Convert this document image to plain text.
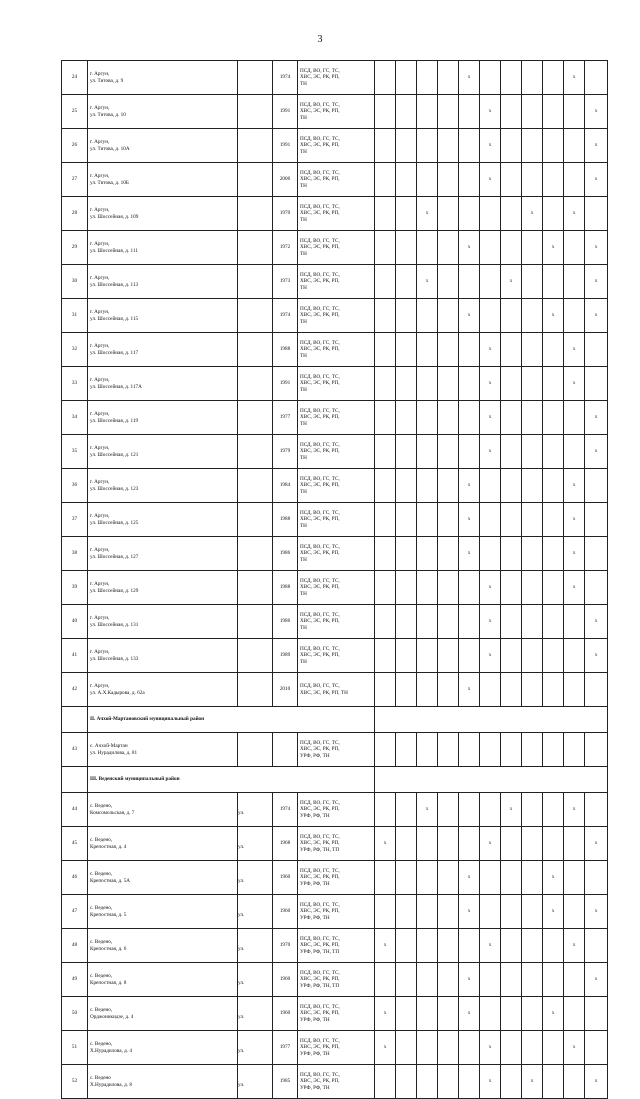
3
24	г. Аргун,
ул. Титова, д. 9		1974	ПСД, ВО, ГС, ТС,
ХВС, ЭС, РК, РП,
ТН					x					x	
25	г. Аргун,
ул. Титова, д. 10		1991	ПСД, ВО, ГС, ТС,
ХВС, ЭС, РК, РП,
ТН						x					x
26	г. Аргун,
ул. Титова, д. 10А		1991	ПСД, ВО, ГС, ТС,
ХВС, ЭС, РК, РП,
ТН						x					x
27	г. Аргун,
ул. Титова, д. 10Б		2006	ПСД, ВО, ГС, ТС,
ХВС, ЭС, РК, РП,
ТН						x					x
28	г. Аргун,
ул. Шоссейная, д. 109		1970	ПСД, ВО, ГС, ТС,
ХВС, ЭС, РК, РП,
ТН			x					x		x	
29	г. Аргун,
ул. Шоссейная, д. 111		1972	ПСД, ВО, ГС, ТС,
ХВС, ЭС, РК, РП,
ТН					x				x		x
30	г. Аргун,
ул. Шоссейная, д. 113		1973	ПСД, ВО, ГС, ТС,
ХВС, ЭС, РК, РП,
ТН			x				x				x
31	г. Аргун,
ул. Шоссейная, д. 115		1974	ПСД, ВО, ГС, ТС,
ХВС, ЭС, РК, РП,
ТН					x				x		x
32	г. Аргун,
ул. Шоссейная, д. 117		1988	ПСД, ВО, ГС, ТС,
ХВС, ЭС, РК, РП,
ТН						x				x	
33	г. Аргун,
ул. Шоссейная, д. 117А		1991	ПСД, ВО, ГС, ТС,
ХВС, ЭС, РК, РП,
ТН						x				x	
34	г. Аргун,
ул. Шоссейная, д. 119		1977	ПСД, ВО, ГС, ТС,
ХВС, ЭС, РК, РП,
ТН						x					x
35	г. Аргун,
ул. Шоссейная, д. 121		1979	ПСД, ВО, ГС, ТС,
ХВС, ЭС, РК, РП,
ТН						x					x
36	г. Аргун,
ул. Шоссейная, д. 123		1984	ПСД, ВО, ГС, ТС,
ХВС, ЭС, РК, РП,
ТН					x					x	
37	г. Аргун,
ул. Шоссейная, д. 125		1988	ПСД, ВО, ГС, ТС,
ХВС, ЭС, РК, РП,
ТН					x					x	
38	г. Аргун,
ул. Шоссейная, д. 127		1986	ПСД, ВО, ГС, ТС,
ХВС, ЭС, РК, РП,
ТН					x					x	
39	г. Аргун,
ул. Шоссейная, д. 129		1988	ПСД, ВО, ГС, ТС,
ХВС, ЭС, РК, РП,
ТН						x				x	
40	г. Аргун,
ул. Шоссейная, д. 131		1986	ПСД, ВО, ГС, ТС,
ХВС, ЭС, РК, РП,
ТН						x					x
41	г. Аргун,
ул. Шоссейная, д. 133		1989	ПСД, ВО, ГС, ТС,
ХВС, ЭС, РК, РП,
ТН						x					x
42	г. Аргун,
ул. А.Х.Кадырова, д. 62а		2010	ПСД, ВО, ГС, ТС,
ХВС, ЭС, РК, РП, ТН					x						
	II. Ачхой-Мартановский муниципальный район														
43	с. Ачхой-Мартан
ул. Нурадилова, д. 81			ПСД, ВО, ГС, ТС,
ХВС, ЭС, РК, РП,
УРФ, РФ, ТН											

	III. Веденский муниципальный район														
44	с. Ведено,
Комсомольская, д. 7	ул.	1974	ПСД, ВО, ГС, ТС,
ХВС, ЭС, РК, РП,
УРФ, РФ, ТН			x				x			x	
45	с. Ведено,
Крепостная, д. 4	ул.	1968	ПСД, ВО, ГС, ТС,
ХВС, ЭС, РК, РП,
УРФ, РФ, ТН, ТП	x					x					x
46	с. Ведено,
Крепостная, д. 5А	ул.	1960	ПСД, ВО, ГС, ТС,
ХВС, ЭС, РК, РП,
УРФ, РФ, ТН					x				x		
47	с. Ведено,
Крепостная, д. 5	ул.	1960	ПСД, ВО, ГС, ТС,
ХВС, ЭС, РК, РП,
УРФ, РФ, ТН					x				x		x
48	с. Ведено,
Крепостная, д. 6	ул.	1970	ПСД, ВО, ГС, ТС,
ХВС, ЭС, РК, РП,
УРФ, РФ, ТН, ТП	x					x				x	
49	с. Ведено,
Крепостная, д. 8	ул.	1960	ПСД, ВО, ГС, ТС,
ХВС, ЭС, РК, РП,
УРФ, РФ, ТН, ТП					x						x
50	с. Ведено,
Орджоникидзе, д. 4	ул.	1960	ПСД, ВО, ГС, ТС,
ХВС, ЭС, РК, РП,
УРФ, РФ, ТН	x				x				x		
51	с. Ведено,
Х.Нурадилова, д. 4	ул.	1977	ПСД, ВО, ГС, ТС,
ХВС, ЭС, РК, РП,
УРФ, РФ, ТН	x					x				x	
52	с. Ведено
Х.Нурадилова, д. 8	ул.	1985	ПСД, ВО, ГС, ТС,
ХВС, ЭС, РК, РП,
УРФ, РФ, ТН						x		x			x
